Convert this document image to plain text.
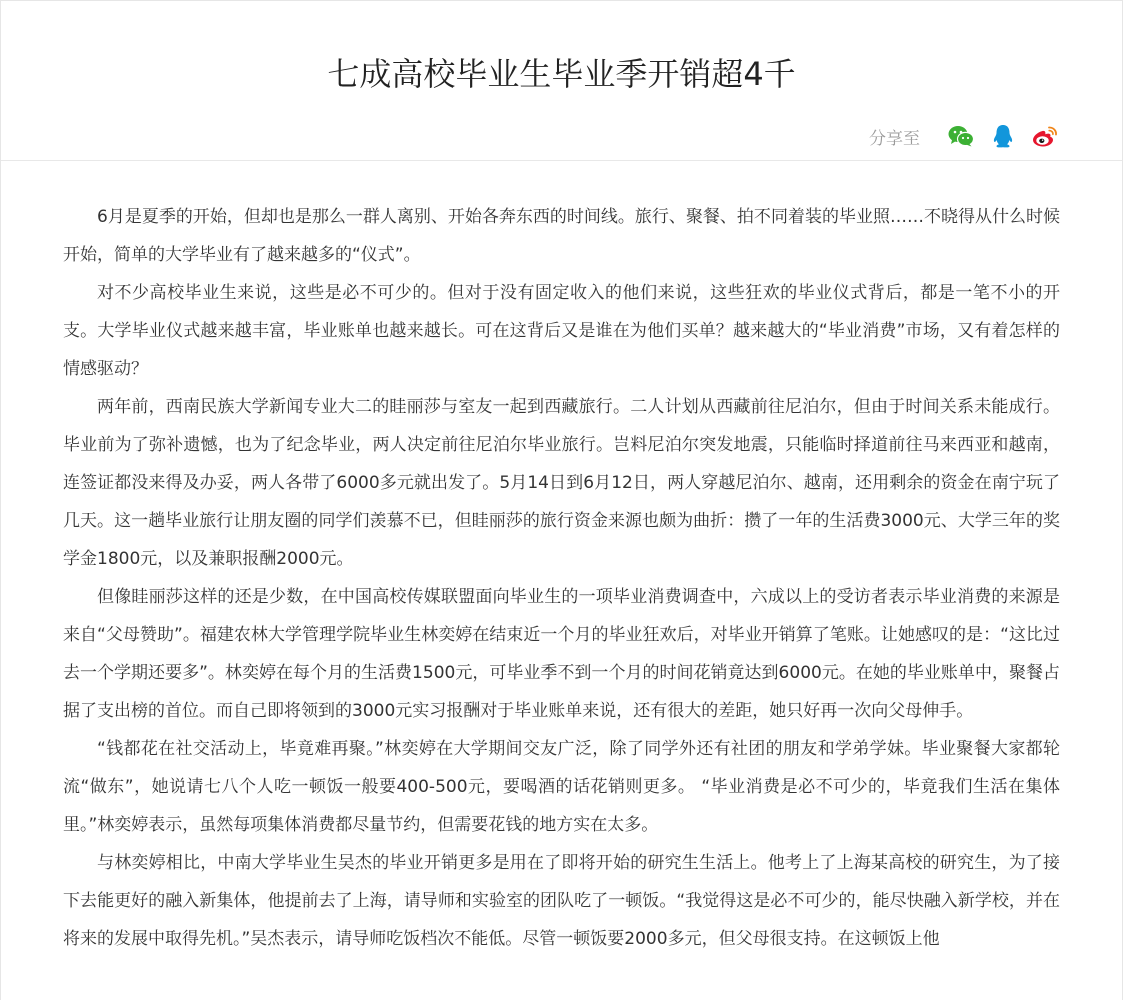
七成高校毕业生毕业季开销超4千
分享至

6月是夏季的开始，但却也是那么一群人离别、开始各奔东西的时间线。旅行、聚餐、拍不同着装的毕业照……不晓得从什么时候开始，简单的大学毕业有了越来越多的“仪式”。

对不少高校毕业生来说，这些是必不可少的。但对于没有固定收入的他们来说，这些狂欢的毕业仪式背后，都是一笔不小的开支。大学毕业仪式越来越丰富，毕业账单也越来越长。可在这背后又是谁在为他们买单？越来越大的“毕业消费”市场，又有着怎样的情感驱动？

两年前，西南民族大学新闻专业大二的眭丽莎与室友一起到西藏旅行。二人计划从西藏前往尼泊尔，但由于时间关系未能成行。毕业前为了弥补遗憾，也为了纪念毕业，两人决定前往尼泊尔毕业旅行。岂料尼泊尔突发地震，只能临时择道前往马来西亚和越南，连签证都没来得及办妥，两人各带了6000多元就出发了。5月14日到6月12日，两人穿越尼泊尔、越南，还用剩余的资金在南宁玩了几天。这一趟毕业旅行让朋友圈的同学们羡慕不已，但眭丽莎的旅行资金来源也颇为曲折：攒了一年的生活费3000元、大学三年的奖学金1800元，以及兼职报酬2000元。

但像眭丽莎这样的还是少数，在中国高校传媒联盟面向毕业生的一项毕业消费调查中，六成以上的受访者表示毕业消费的来源是来自“父母赞助”。福建农林大学管理学院毕业生林奕婷在结束近一个月的毕业狂欢后，对毕业开销算了笔账。让她感叹的是：“这比过去一个学期还要多”。林奕婷在每个月的生活费1500元，可毕业季不到一个月的时间花销竟达到6000元。在她的毕业账单中，聚餐占据了支出榜的首位。而自己即将领到的3000元实习报酬对于毕业账单来说，还有很大的差距，她只好再一次向父母伸手。

“钱都花在社交活动上，毕竟难再聚。”林奕婷在大学期间交友广泛，除了同学外还有社团的朋友和学弟学妹。毕业聚餐大家都轮流“做东”，她说请七八个人吃一顿饭一般要400-500元，要喝酒的话花销则更多。 “毕业消费是必不可少的，毕竟我们生活在集体里。”林奕婷表示，虽然每项集体消费都尽量节约，但需要花钱的地方实在太多。

与林奕婷相比，中南大学毕业生吴杰的毕业开销更多是用在了即将开始的研究生生活上。他考上了上海某高校的研究生，为了接下去能更好的融入新集体，他提前去了上海，请导师和实验室的团队吃了一顿饭。“我觉得这是必不可少的，能尽快融入新学校，并在将来的发展中取得先机。”吴杰表示，请导师吃饭档次不能低。尽管一顿饭要2000多元，但父母很支持。在这顿饭上他
